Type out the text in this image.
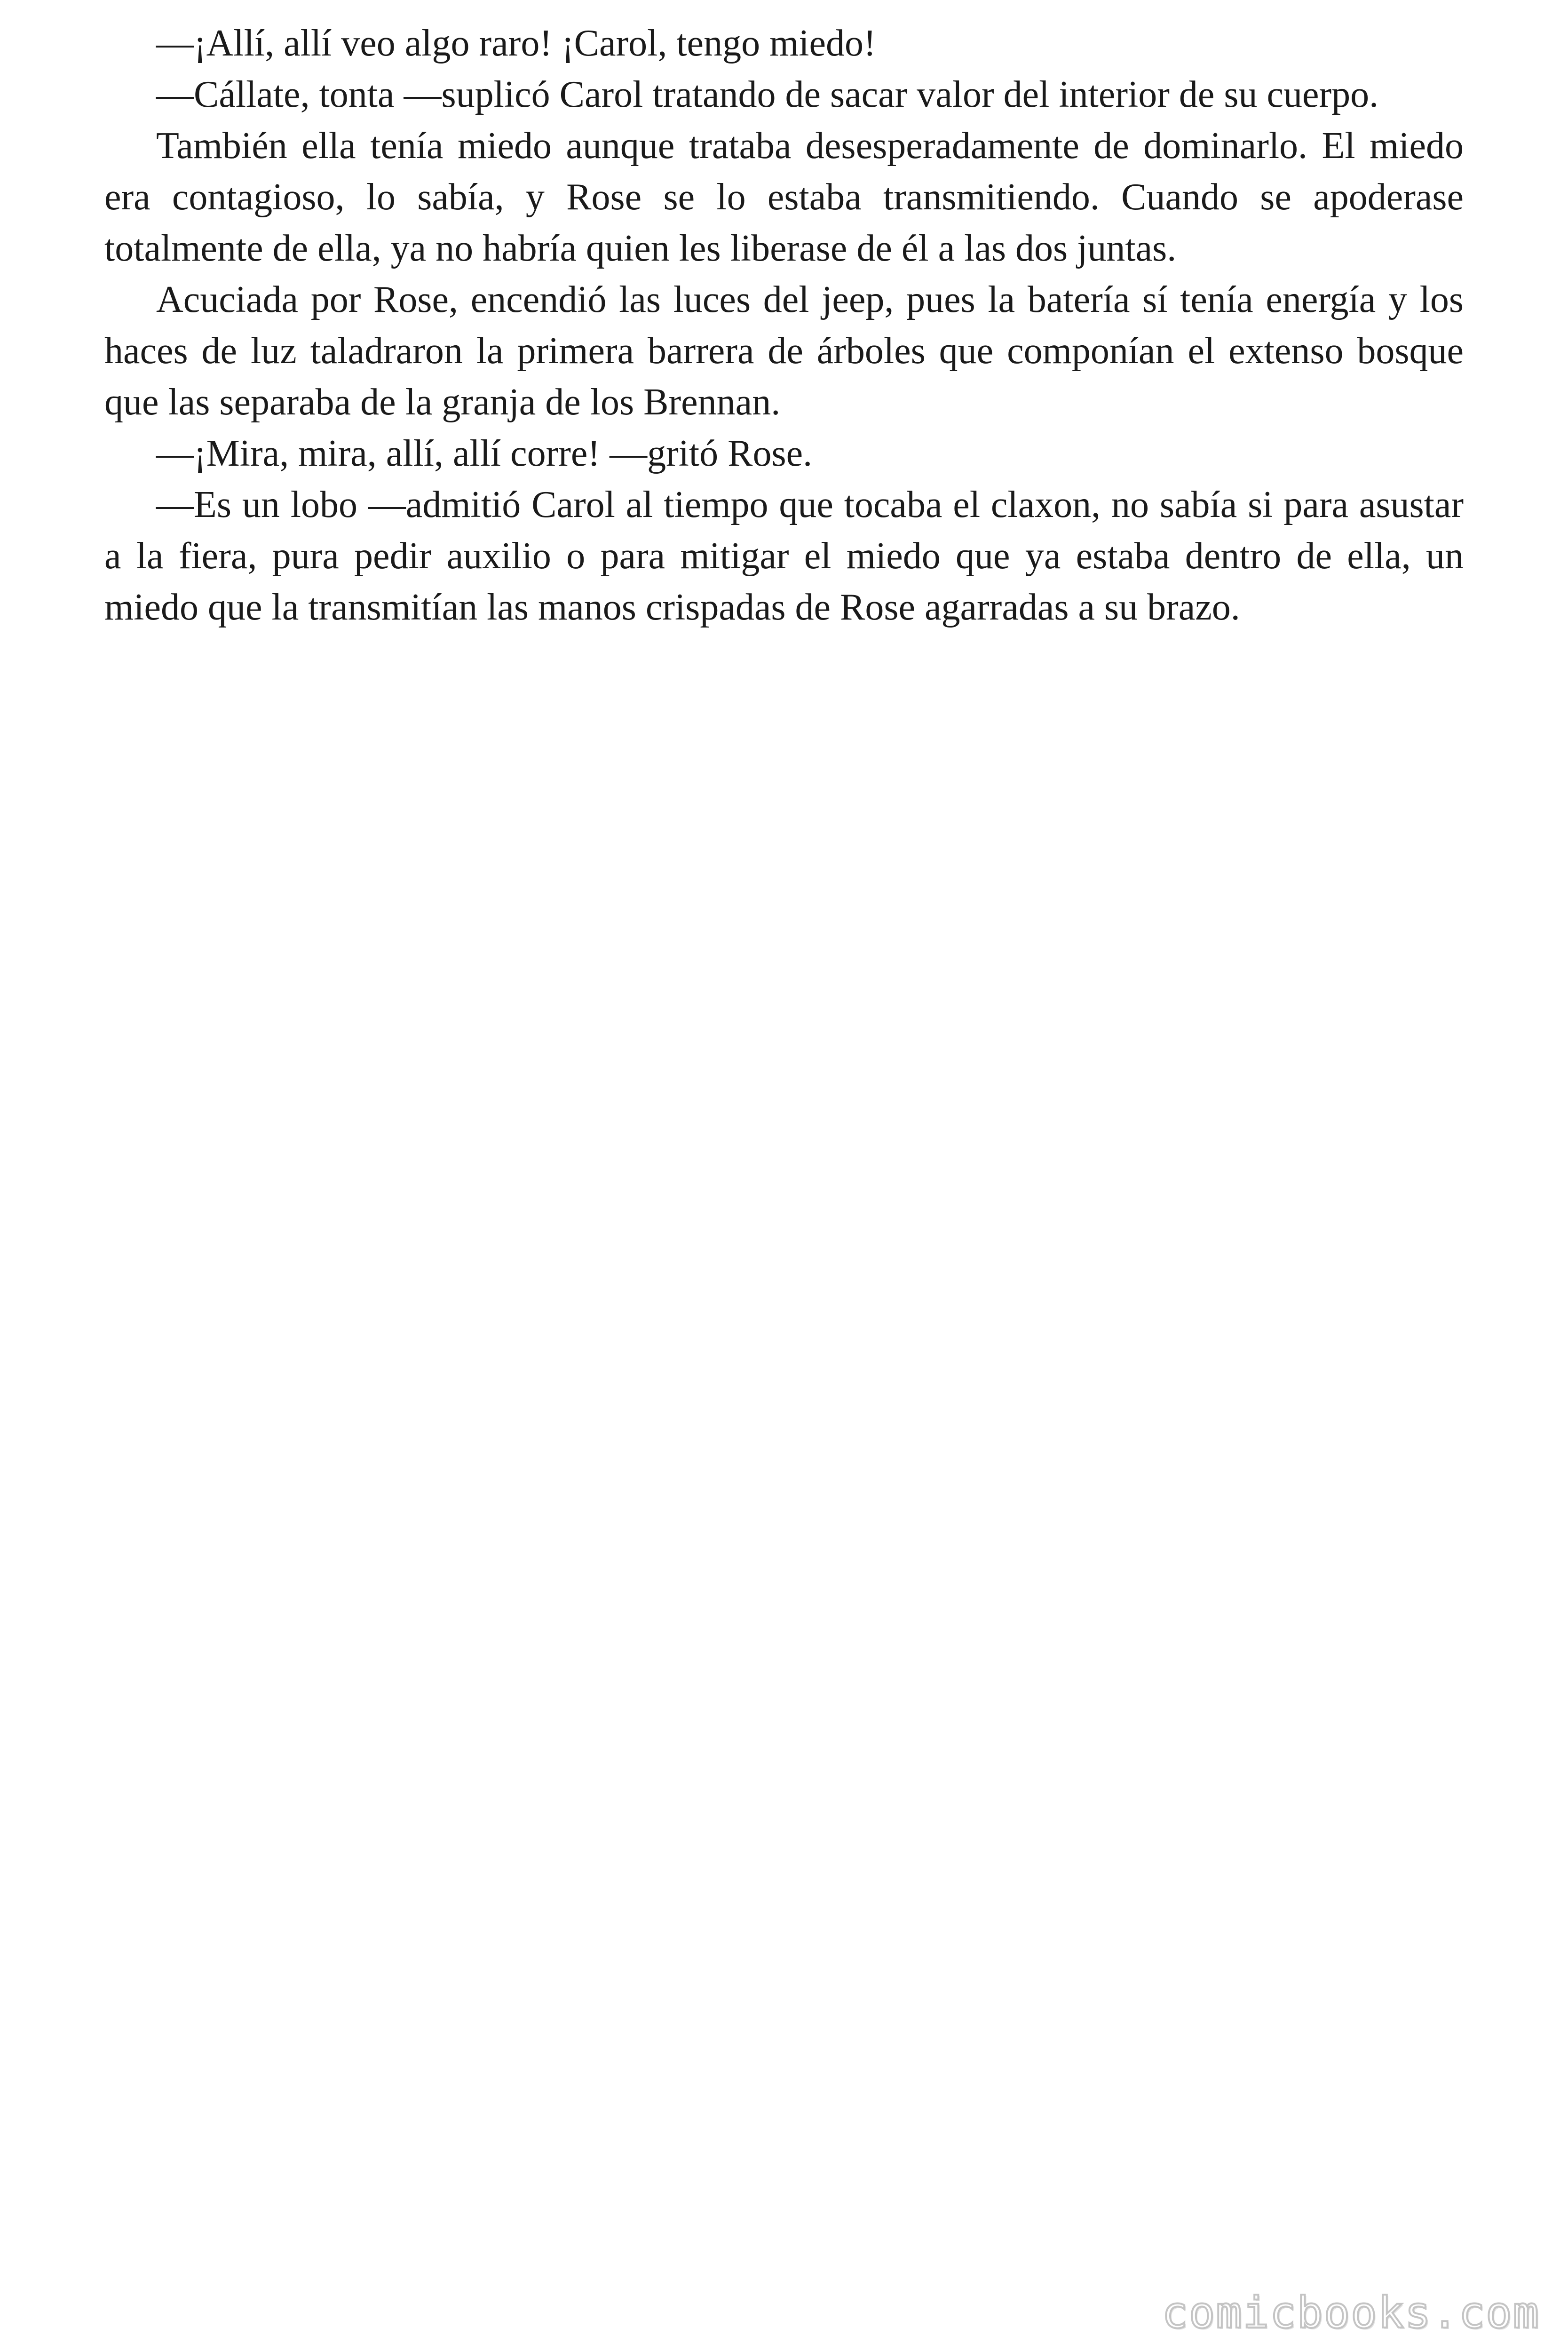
—¡Allí, allí veo algo raro! ¡Carol, tengo miedo!

—Cállate, tonta —suplicó Carol tratando de sacar valor del interior de su cuerpo.

También ella tenía miedo aunque trataba desesperadamente de dominarlo. El miedo era contagioso, lo sabía, y Rose se lo estaba transmitiendo. Cuando se apoderase totalmente de ella, ya no habría quien les liberase de él a las dos juntas.

Acuciada por Rose, encendió las luces del jeep, pues la batería sí tenía energía y los haces de luz taladraron la primera barrera de árboles que componían el extenso bosque que las separaba de la granja de los Brennan.

—¡Mira, mira, allí, allí corre! —gritó Rose.

—Es un lobo —admitió Carol al tiempo que tocaba el claxon, no sabía si para asustar a la fiera, pura pedir auxilio o para mitigar el miedo que ya estaba dentro de ella, un miedo que la transmitían las manos crispadas de Rose agarradas a su brazo.

comicbooks.com
